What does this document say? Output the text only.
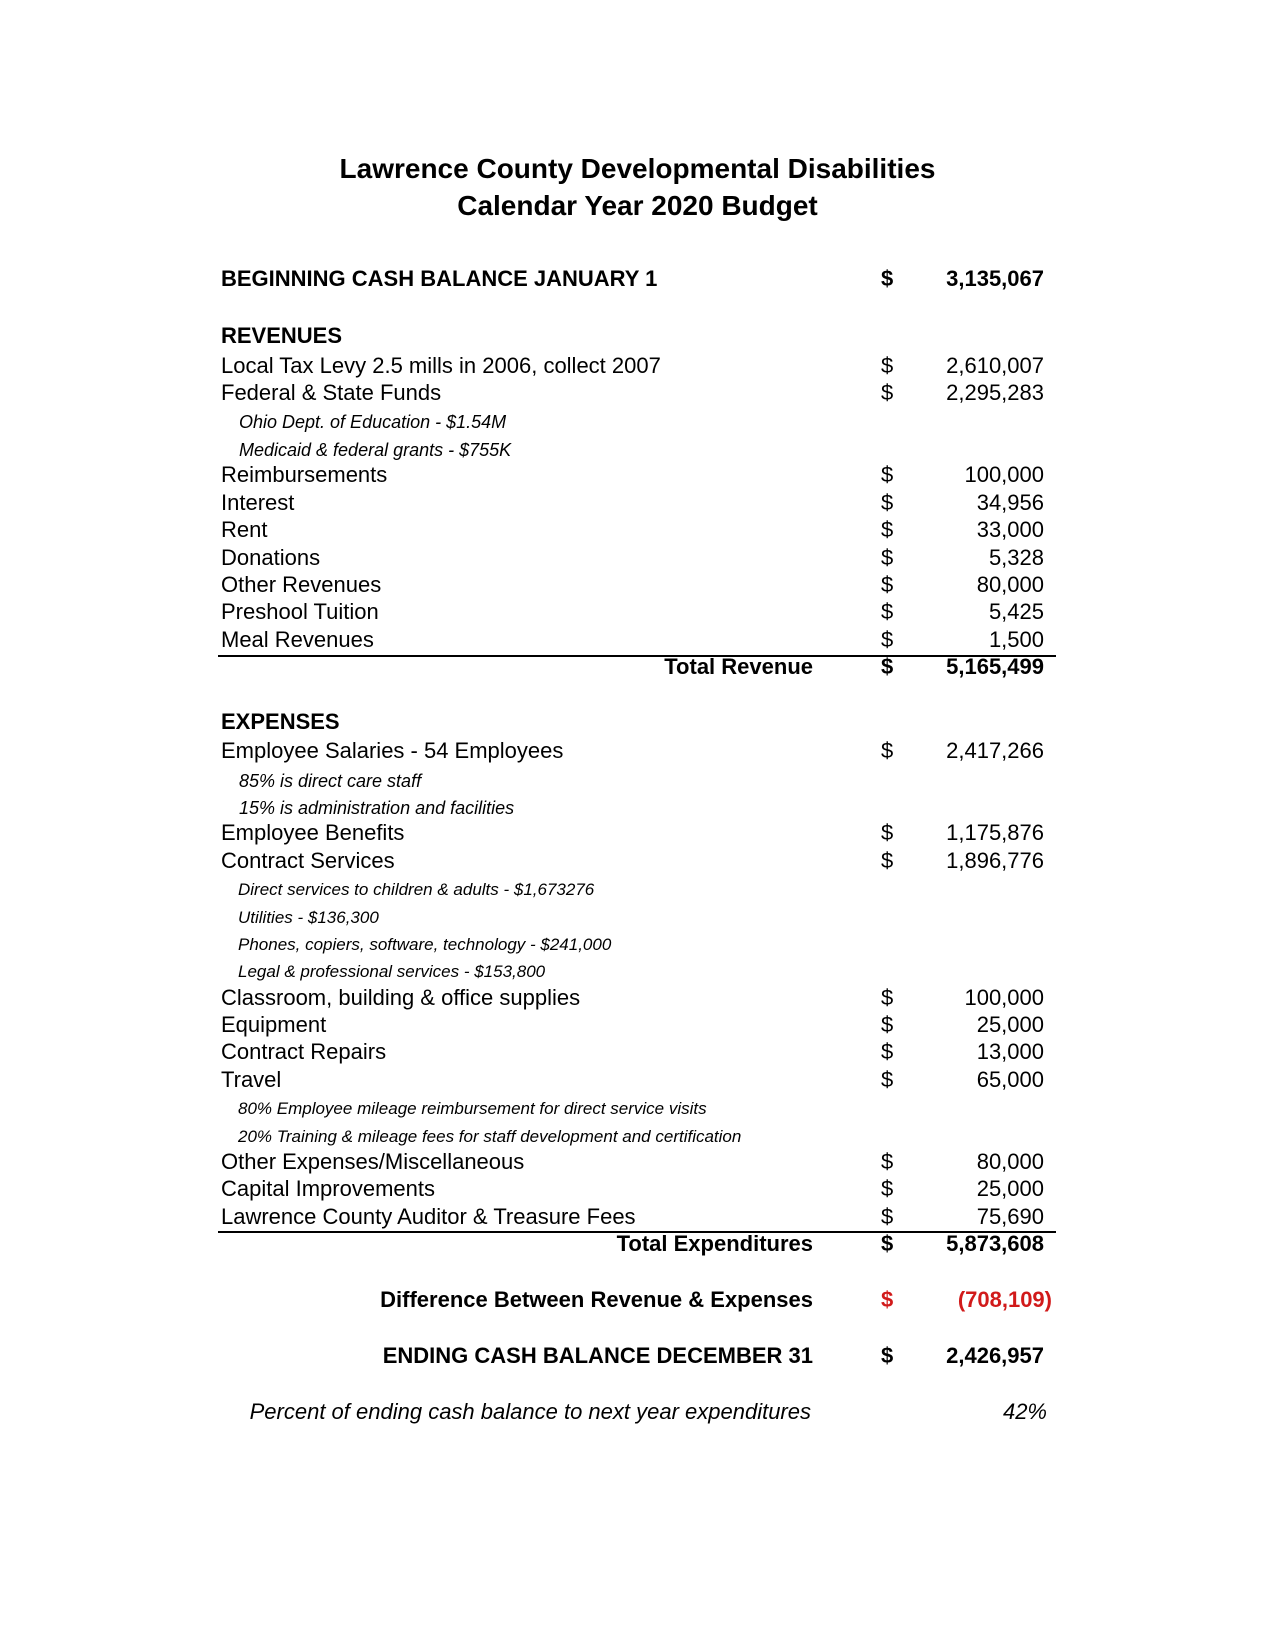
Lawrence County Developmental Disabilities
Calendar Year 2020 Budget
BEGINNING CASH BALANCE JANUARY 1	$	3,135,067
REVENUES
Local Tax Levy 2.5 mills in 2006, collect 2007	$	2,610,007
Federal & State Funds	$	2,295,283
Ohio Dept. of Education - $1.54M
Medicaid & federal grants - $755K
Reimbursements	$	100,000
Interest	$	34,956
Rent	$	33,000
Donations	$	5,328
Other Revenues	$	80,000
Preshool Tuition	$	5,425
Meal Revenues	$	1,500
Total Revenue	$	5,165,499
EXPENSES
Employee Salaries - 54 Employees	$	2,417,266
85% is direct care staff
15% is administration and facilities
Employee Benefits	$	1,175,876
Contract Services	$	1,896,776
Direct services to children & adults - $1,673276
Utilities - $136,300
Phones, copiers, software, technology - $241,000
Legal & professional services - $153,800
Classroom, building & office supplies	$	100,000
Equipment	$	25,000
Contract Repairs	$	13,000
Travel	$	65,000
80% Employee mileage reimbursement for direct service visits
20% Training & mileage fees for staff development and certification
Other Expenses/Miscellaneous	$	80,000
Capital Improvements	$	25,000
Lawrence County Auditor & Treasure Fees	$	75,690
Total Expenditures	$	5,873,608
Difference Between Revenue & Expenses	$	(708,109)
ENDING CASH BALANCE DECEMBER 31	$	2,426,957
Percent of ending cash balance to next year expenditures	42%
